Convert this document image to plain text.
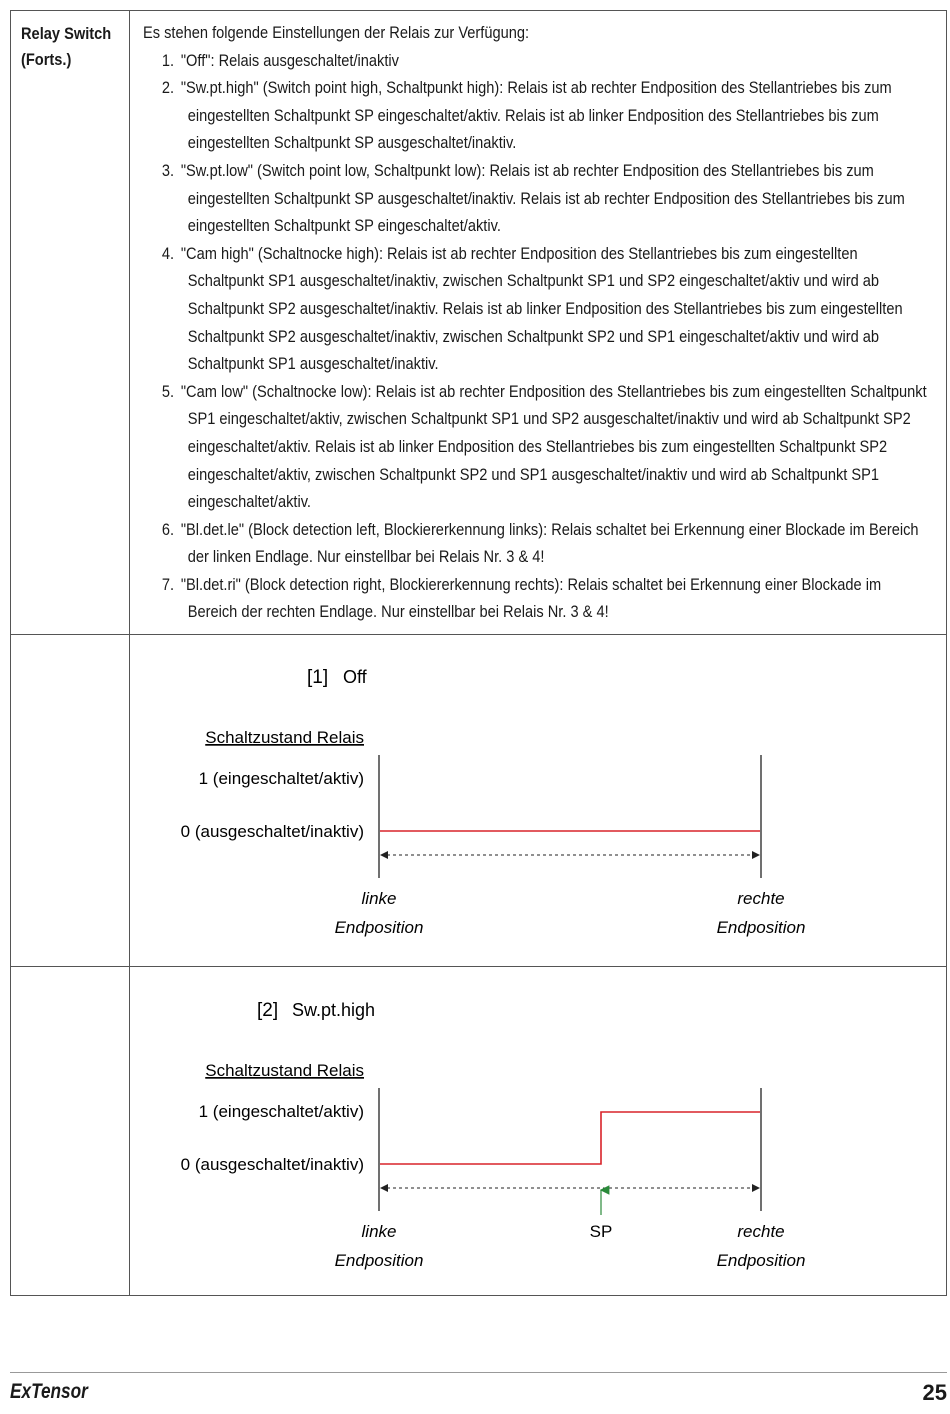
Relay Switch
(Forts.)

Es stehen folgende Einstellungen der Relais zur Verfügung:

1. "Off": Relais ausgeschaltet/inaktiv

2. "Sw.pt.high" (Switch point high, Schaltpunkt high): Relais ist ab rechter Endposition des Stellantriebes bis zum eingestellten Schaltpunkt SP eingeschaltet/aktiv. Relais ist ab linker Endposition des Stellantriebes bis zum eingestellten Schaltpunkt SP ausgeschaltet/inaktiv.

3. "Sw.pt.low" (Switch point low, Schaltpunkt low): Relais ist ab rechter Endposition des Stellantriebes bis zum eingestellten Schaltpunkt SP ausgeschaltet/inaktiv. Relais ist ab rechter Endposition des Stellantriebes bis zum eingestellten Schaltpunkt SP eingeschaltet/aktiv.

4. "Cam high" (Schaltnocke high): Relais ist ab rechter Endposition des Stellantriebes bis zum eingestellten Schaltpunkt SP1 ausgeschaltet/inaktiv, zwischen Schaltpunkt SP1 und SP2 eingeschaltet/aktiv und wird ab Schaltpunkt SP2 ausgeschaltet/inaktiv. Relais ist ab linker Endposition des Stellantriebes bis zum eingestellten Schaltpunkt SP2 ausgeschaltet/inaktiv, zwischen Schaltpunkt SP2 und SP1 eingeschaltet/aktiv und wird ab Schaltpunkt SP1 ausgeschaltet/inaktiv.

5. "Cam low" (Schaltnocke low): Relais ist ab rechter Endposition des Stellantriebes bis zum eingestellten Schaltpunkt SP1 eingeschaltet/aktiv, zwischen Schaltpunkt SP1 und SP2 ausgeschaltet/inaktiv und wird ab Schaltpunkt SP2 eingeschaltet/aktiv. Relais ist ab linker Endposition des Stellantriebes bis zum eingestellten Schaltpunkt SP2 eingeschaltet/aktiv, zwischen Schaltpunkt SP2 und SP1 ausgeschaltet/inaktiv und wird ab Schaltpunkt SP1 eingeschaltet/aktiv.

6. "Bl.det.le" (Block detection left, Blockiererkennung links): Relais schaltet bei Erkennung einer Blockade im Bereich der linken Endlage. Nur einstellbar bei Relais Nr. 3 & 4!

7. "Bl.det.ri" (Block detection right, Blockiererkennung rechts): Relais schaltet bei Erkennung einer Blockade im Bereich der rechten Endlage. Nur einstellbar bei Relais Nr. 3 & 4!

[1] Off
Schaltzustand Relais
1 (eingeschaltet/aktiv)
0 (ausgeschaltet/inaktiv)
linke
Endposition
rechte
Endposition
[2] Sw.pt.high
Schaltzustand Relais
1 (eingeschaltet/aktiv)
0 (ausgeschaltet/inaktiv)
linke
Endposition
SP	rechte
Endposition
ExTensor	25
